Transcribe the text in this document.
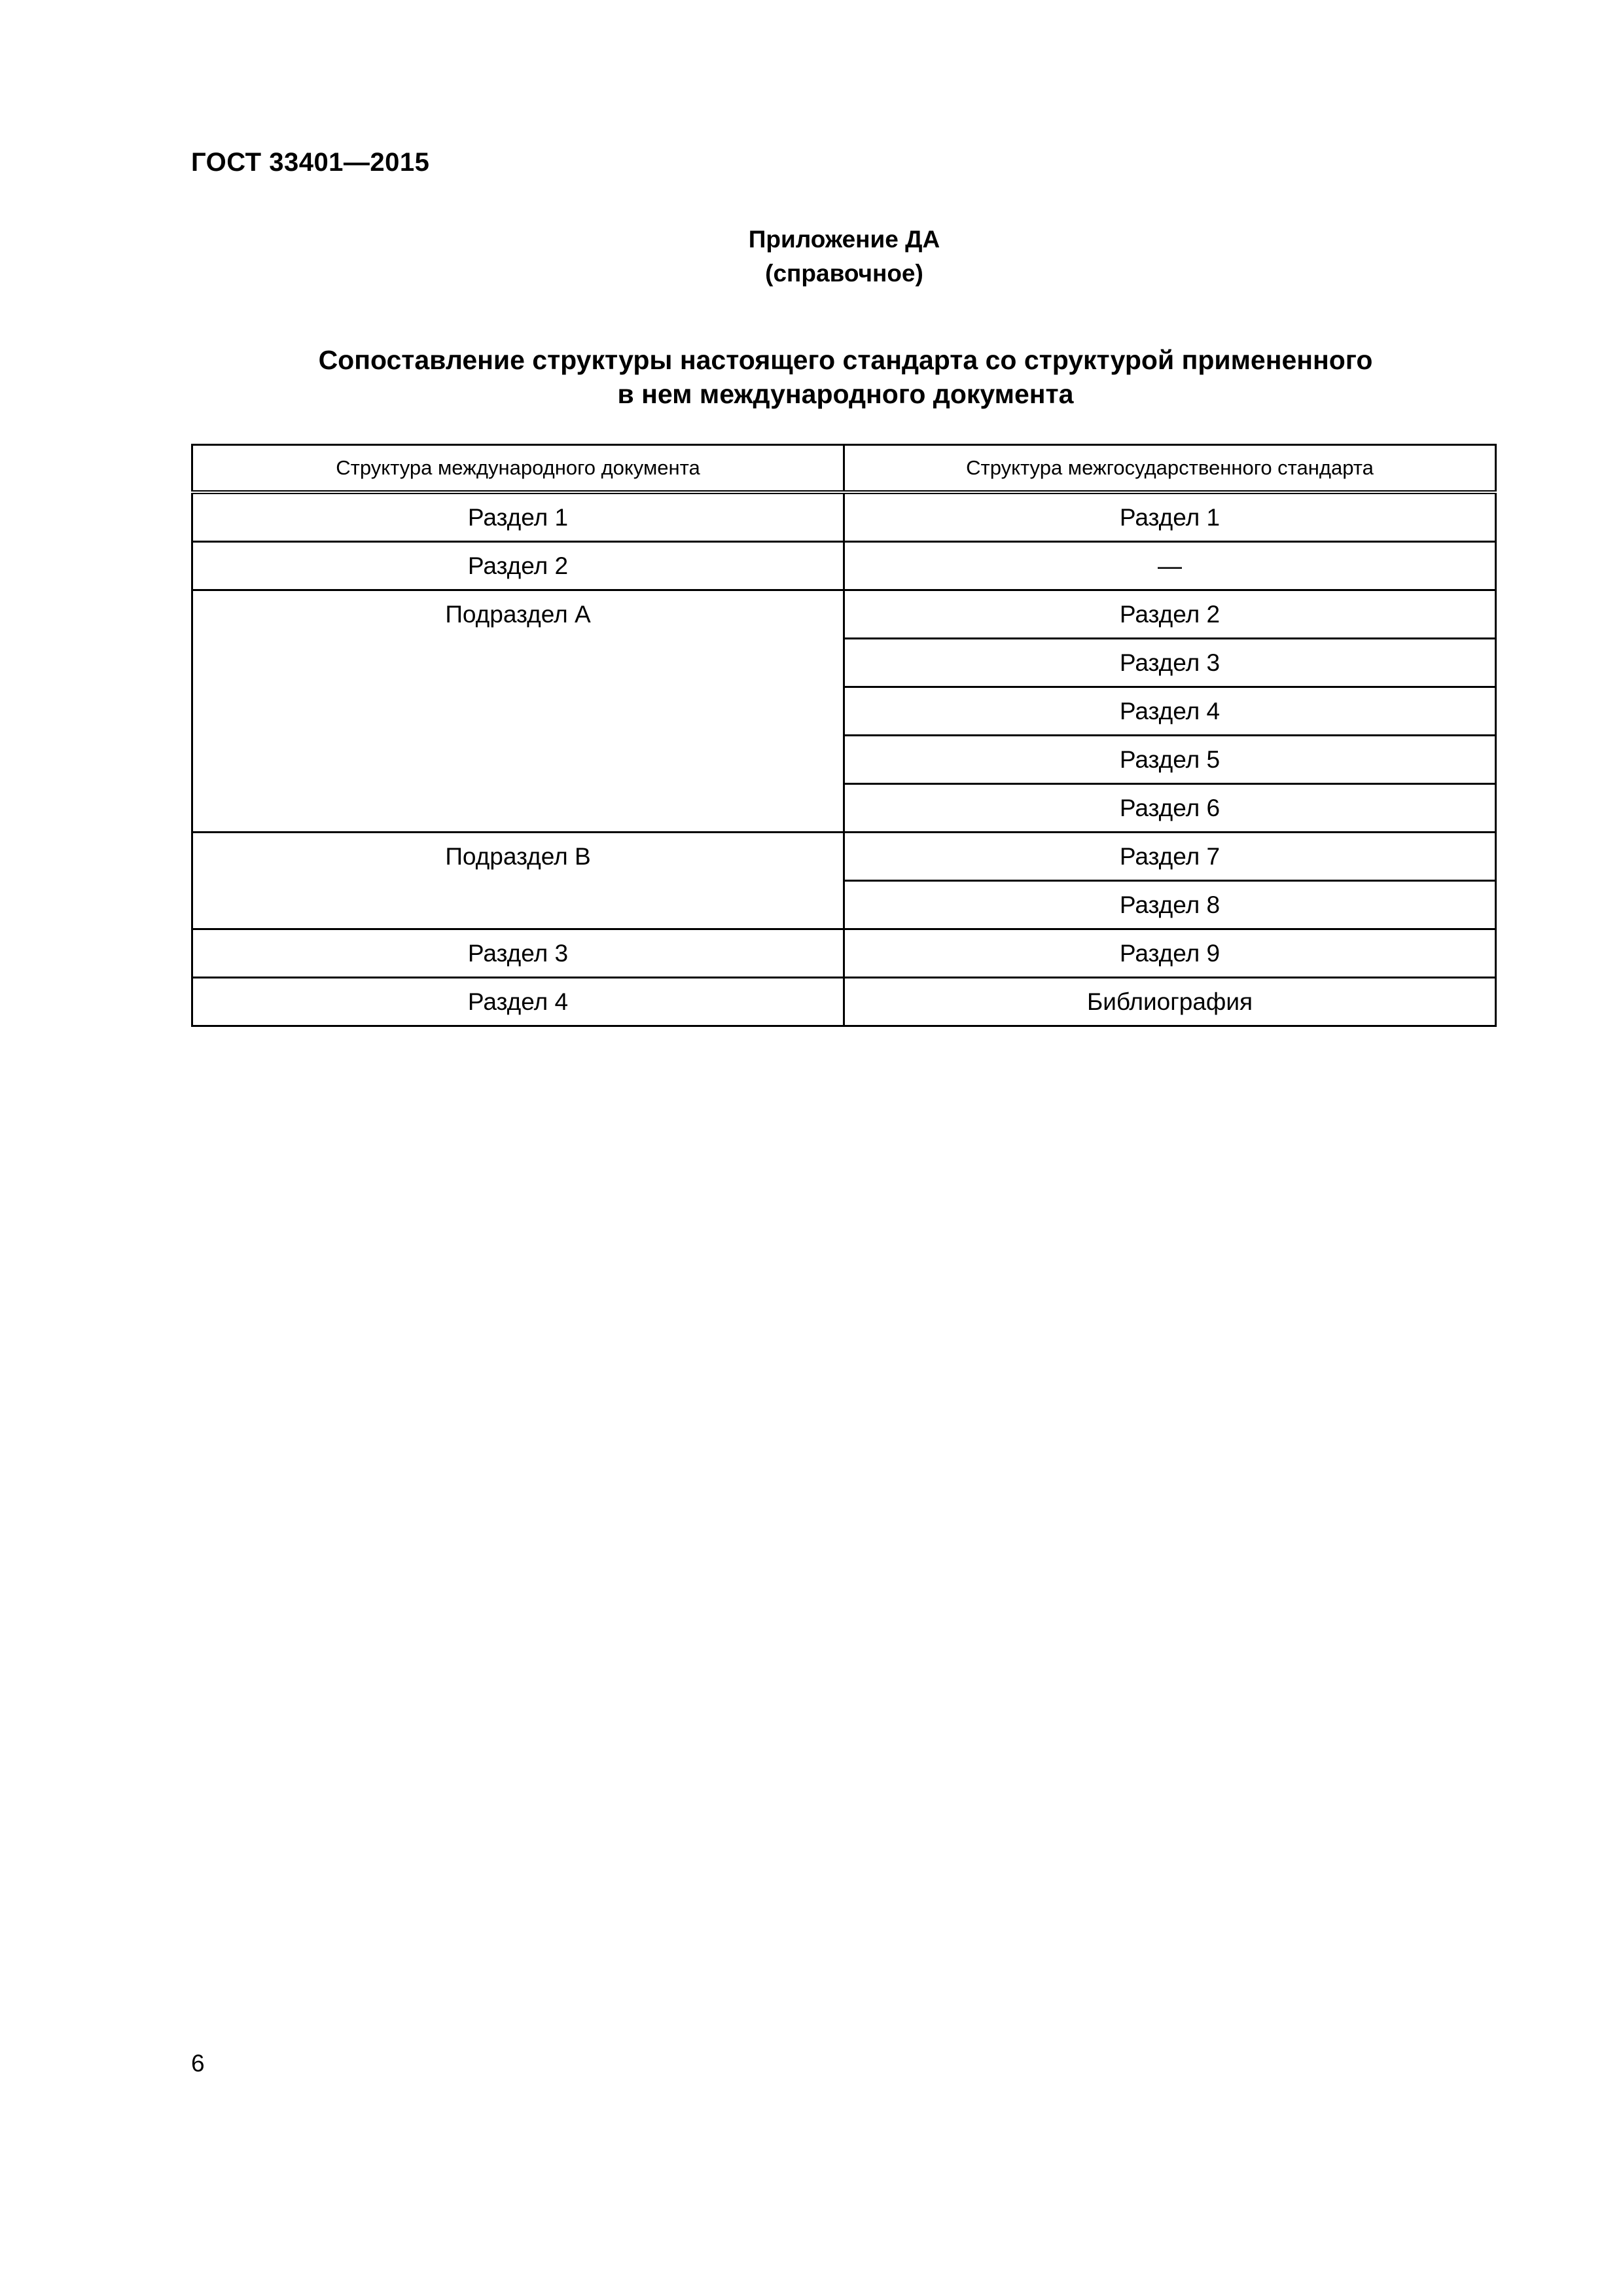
ГОСТ 33401—2015
Приложение ДА
(справочное)
Сопоставление структуры настоящего стандарта со структурой примененного
в нем международного документа
Структура международного документа	Структура межгосударственного стандарта
Раздел 1	Раздел 1
Раздел 2	—
Подраздел А	Раздел 2
	Раздел 3
	Раздел 4
	Раздел 5
	Раздел 6
Подраздел В	Раздел 7
	Раздел 8
Раздел 3	Раздел 9
Раздел 4	Библиография
6
